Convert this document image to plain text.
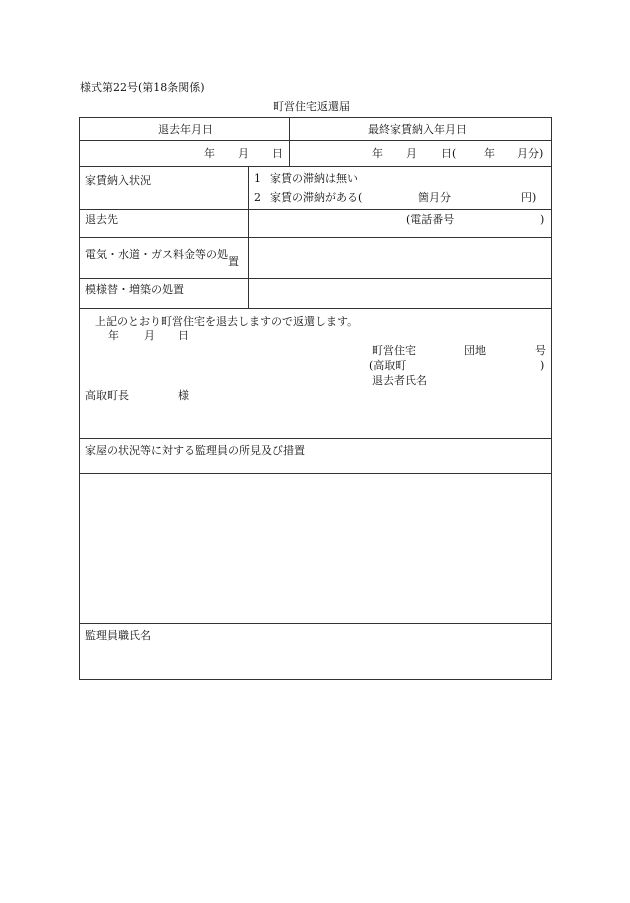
様式第22号(第18条関係)
町営住宅返還届
退去年月日	最終家賃納入年月日
年 月 日	年 月 日(	年 月分)
家賃納入状況	1 家賃の滞納は無い
2 家賃の滞納がある(	箇月分	円)
退去先	(電話番号	)
電気・水道・ガス料金等の処置
模様替・増築の処置
上記のとおり町営住宅を退去しますので返還します。
年 月 日
町営住宅	団地	号
(高取町	)
退去者氏名
高取町長	様
家屋の状況等に対する監理員の所見及び措置
監理員職氏名
